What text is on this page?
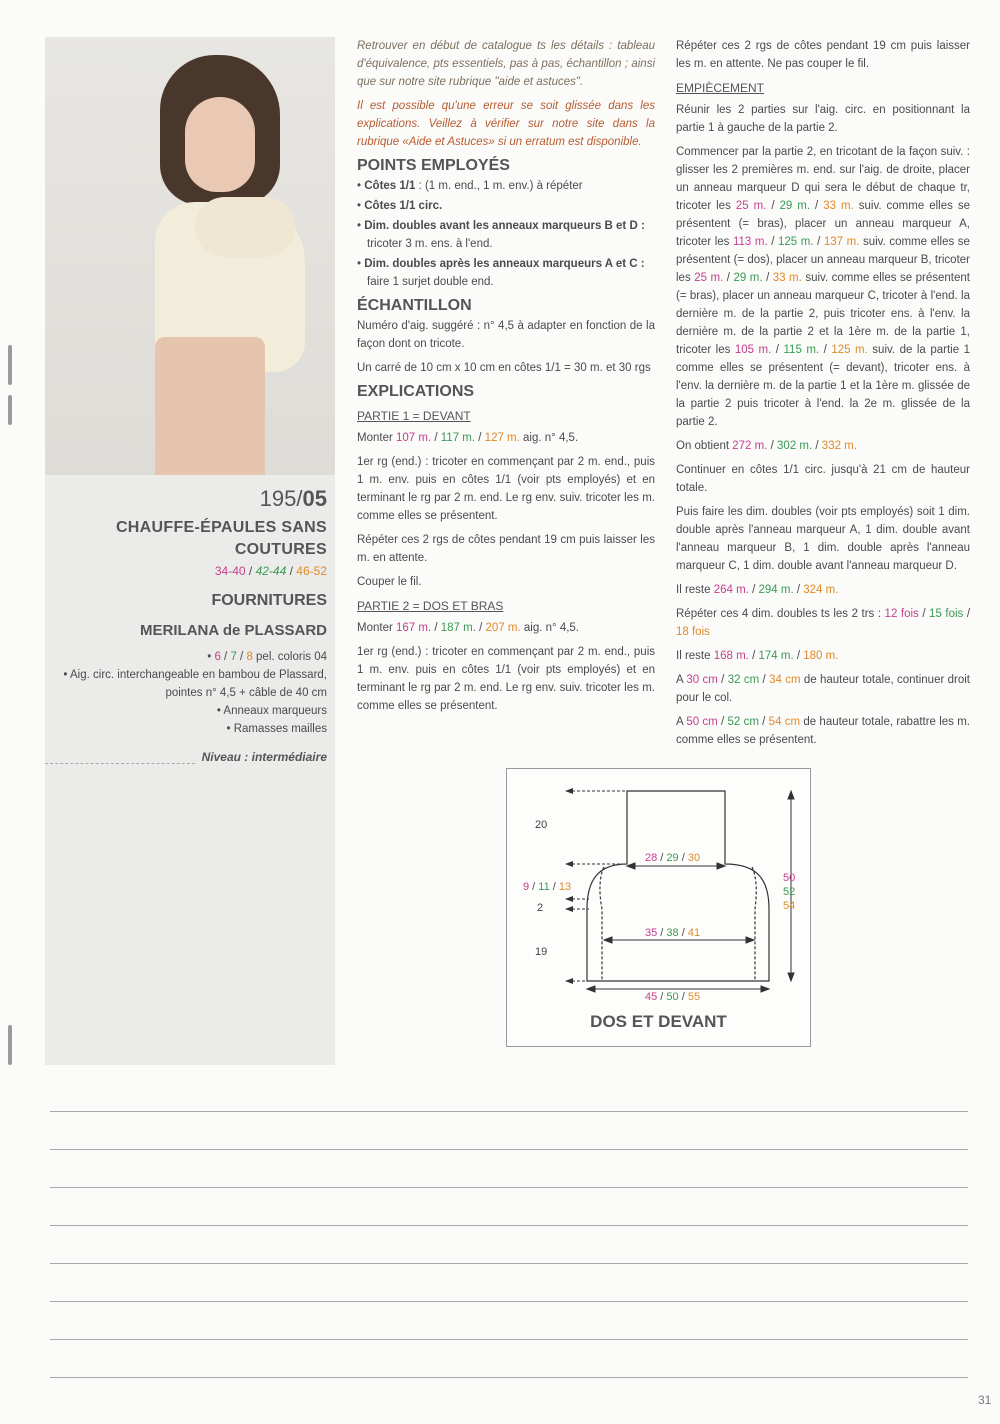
195/05
CHAUFFE-ÉPAULES SANS COUTURES
34-40 / 42-44 / 46-52
FOURNITURES
MERILANA de PLASSARD
• 6 / 7 / 8 pel. coloris 04
• Aig. circ. interchangeable en bambou de Plassard,
pointes n° 4,5 + câble de 40 cm
• Anneaux marqueurs
• Ramasses mailles
Niveau : intermédiaire

Retrouver en début de catalogue ts les détails : tableau d'équivalence, pts essentiels, pas à pas, échantillon ; ainsi que sur notre site rubrique "aide et astuces".

Il est possible qu'une erreur se soit glissée dans les explications. Veillez à vérifier sur notre site dans la rubrique «Aide et Astuces» si un erratum est disponible.

POINTS EMPLOYÉS
• Côtes 1/1 : (1 m. end., 1 m. env.) à répéter
• Côtes 1/1 circ.
• Dim. doubles avant les anneaux marqueurs B et D : tricoter 3 m. ens. à l'end.
• Dim. doubles après les anneaux marqueurs A et C : faire 1 surjet double end.
ÉCHANTILLON

Numéro d'aig. suggéré : n° 4,5 à adapter en fonction de la façon dont on tricote.

Un carré de 10 cm x 10 cm en côtes 1/1 = 30 m. et 30 rgs

EXPLICATIONS
PARTIE 1 = DEVANT

Monter 107 m. / 117 m. / 127 m. aig. n° 4,5.

1er rg (end.) : tricoter en commençant par 2 m. end., puis 1 m. env. puis en côtes 1/1 (voir pts employés) et en terminant le rg par 2 m. end. Le rg env. suiv. tricoter les m. comme elles se présentent.

Répéter ces 2 rgs de côtes pendant 19 cm puis laisser les m. en attente.

Couper le fil.

PARTIE 2 = DOS ET BRAS

Monter 167 m. / 187 m. / 207 m. aig. n° 4,5.

1er rg (end.) : tricoter en commençant par 2 m. end., puis 1 m. env. puis en côtes 1/1 (voir pts employés) et en terminant le rg par 2 m. end. Le rg env. suiv. tricoter les m. comme elles se présentent.

Répéter ces 2 rgs de côtes pendant 19 cm puis laisser les m. en attente. Ne pas couper le fil.

EMPIÈCEMENT

Réunir les 2 parties sur l'aig. circ. en positionnant la partie 1 à gauche de la partie 2.

Commencer par la partie 2, en tricotant de la façon suiv. : glisser les 2 premières m. end. sur l'aig. de droite, placer un anneau marqueur D qui sera le début de chaque tr, tricoter les 25 m. / 29 m. / 33 m. suiv. comme elles se présentent (= bras), placer un anneau marqueur A, tricoter les 113 m. / 125 m. / 137 m. suiv. comme elles se présentent (= dos), placer un anneau marqueur B, tricoter les 25 m. / 29 m. / 33 m. suiv. comme elles se présentent (= bras), placer un anneau marqueur C, tricoter à l'end. la dernière m. de la partie 2, puis tricoter ens. à l'env. la dernière m. de la partie 2 et la 1ère m. de la partie 1, tricoter les 105 m. / 115 m. / 125 m. suiv. de la partie 1 comme elles se présentent (= devant), tricoter ens. à l'env. la dernière m. de la partie 1 et la 1ère m. glissée de la partie 2 puis tricoter à l'end. la 2e m. glissée de la partie 2.

On obtient 272 m. / 302 m. / 332 m.

Continuer en côtes 1/1 circ. jusqu'à 21 cm de hauteur totale.

Puis faire les dim. doubles (voir pts employés) soit 1 dim. double après l'anneau marqueur A, 1 dim. double avant l'anneau marqueur B, 1 dim. double après l'anneau marqueur C, 1 dim. double avant l'anneau marqueur D.

Il reste 264 m. / 294 m. / 324 m.

Répéter ces 4 dim. doubles ts les 2 trs : 12 fois / 15 fois / 18 fois

Il reste 168 m. / 174 m. / 180 m.

A 30 cm / 32 cm / 34 cm de hauteur totale, continuer droit pour le col.

A 50 cm / 52 cm / 54 cm de hauteur totale, rabattre les m. comme elles se présentent.

20
9 / 11 / 13
2
19
28 / 29 / 30
35 / 38 / 41
45 / 50 / 55
50
52
54
DOS ET DEVANT
31
